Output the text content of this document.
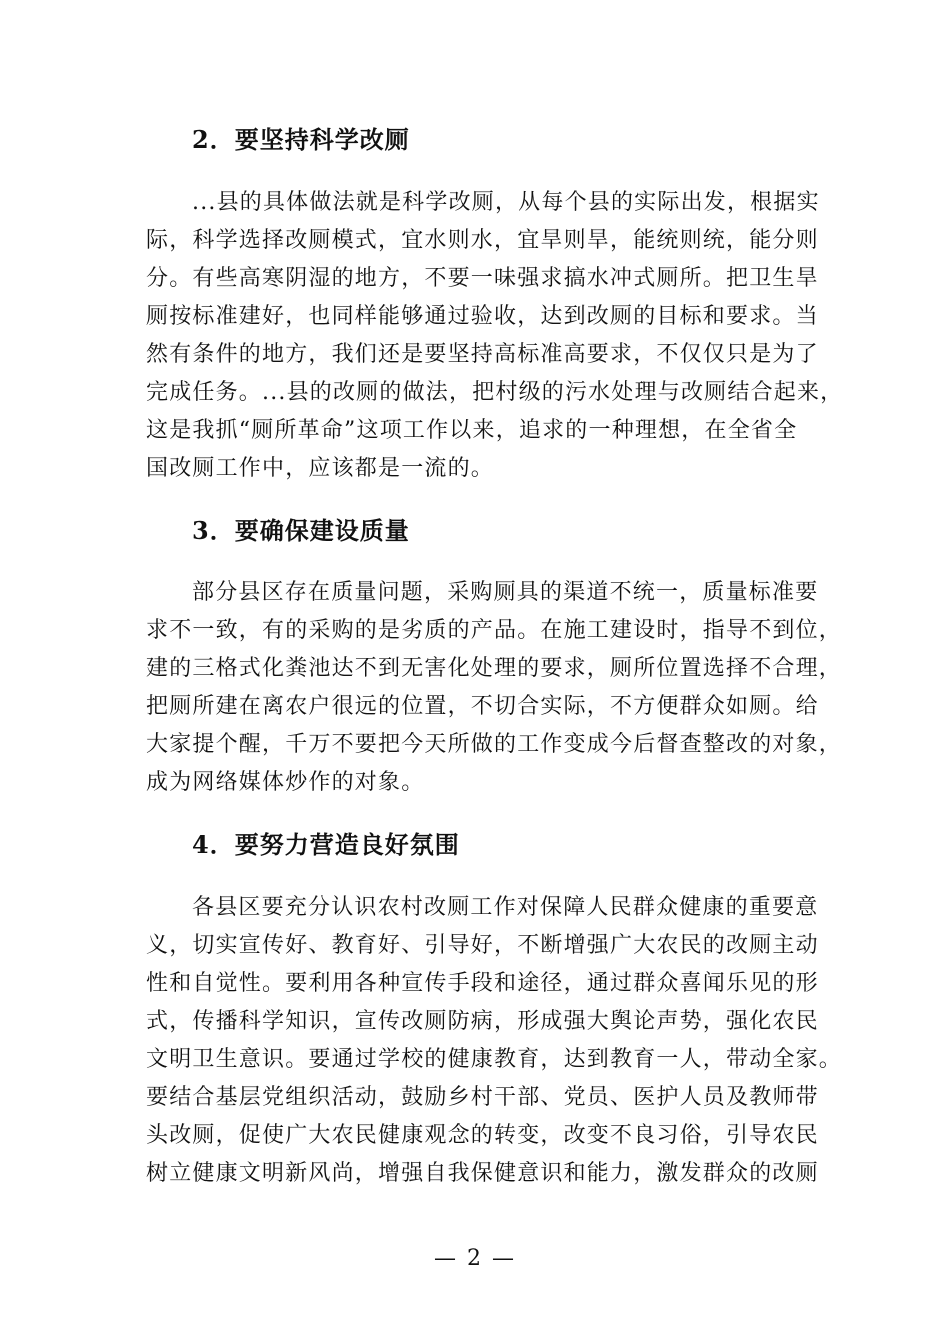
2．要坚持科学改厕
...县的具体做法就是科学改厕，从每个县的实际出发，根据实
际，科学选择改厕模式，宜水则水，宜旱则旱，能统则统，能分则
分。有些高寒阴湿的地方，不要一味强求搞水冲式厕所。把卫生旱
厕按标准建好，也同样能够通过验收，达到改厕的目标和要求。当
然有条件的地方，我们还是要坚持高标准高要求，不仅仅只是为了
完成任务。...县的改厕的做法，把村级的污水处理与改厕结合起来，
这是我抓“厕所革命”这项工作以来，追求的一种理想，在全省全
国改厕工作中，应该都是一流的。
3．要确保建设质量
部分县区存在质量问题，采购厕具的渠道不统一，质量标准要
求不一致，有的采购的是劣质的产品。在施工建设时，指导不到位，
建的三格式化粪池达不到无害化处理的要求，厕所位置选择不合理，
把厕所建在离农户很远的位置，不切合实际，不方便群众如厕。给
大家提个醒，千万不要把今天所做的工作变成今后督查整改的对象，
成为网络媒体炒作的对象。
4．要努力营造良好氛围
各县区要充分认识农村改厕工作对保障人民群众健康的重要意
义，切实宣传好、教育好、引导好，不断增强广大农民的改厕主动
性和自觉性。要利用各种宣传手段和途径，通过群众喜闻乐见的形
式，传播科学知识，宣传改厕防病，形成强大舆论声势，强化农民
文明卫生意识。要通过学校的健康教育，达到教育一人，带动全家。
要结合基层党组织活动，鼓励乡村干部、党员、医护人员及教师带
头改厕，促使广大农民健康观念的转变，改变不良习俗，引导农民
树立健康文明新风尚，增强自我保健意识和能力，激发群众的改厕
— 2 —
